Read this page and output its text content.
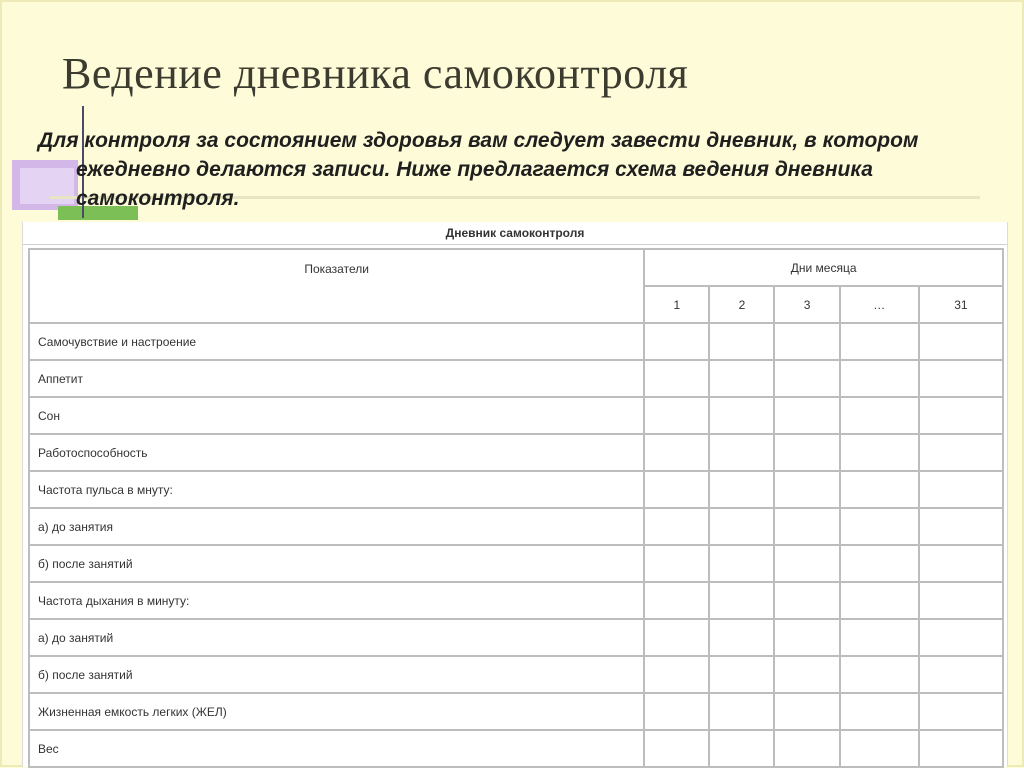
Ведение дневника самоконтроля
Для контроля за состоянием здоровья вам следует завести дневник, в котором
ежедневно делаются записи. Ниже предлагается схема ведения дневника
самоконтроля.
Дневник самоконтроля
Показатели	Дни месяца				
	1	2	3	…	31
Самочувствие и настроение					
Аппетит					
Сон					
Работоспособность					
Частота пульса в мнуту:					
а) до занятия					
б) после занятий					
Частота дыхания в минуту:					
а) до занятий					
б) после занятий					
Жизненная емкость легких (ЖЕЛ)					
Вес					
